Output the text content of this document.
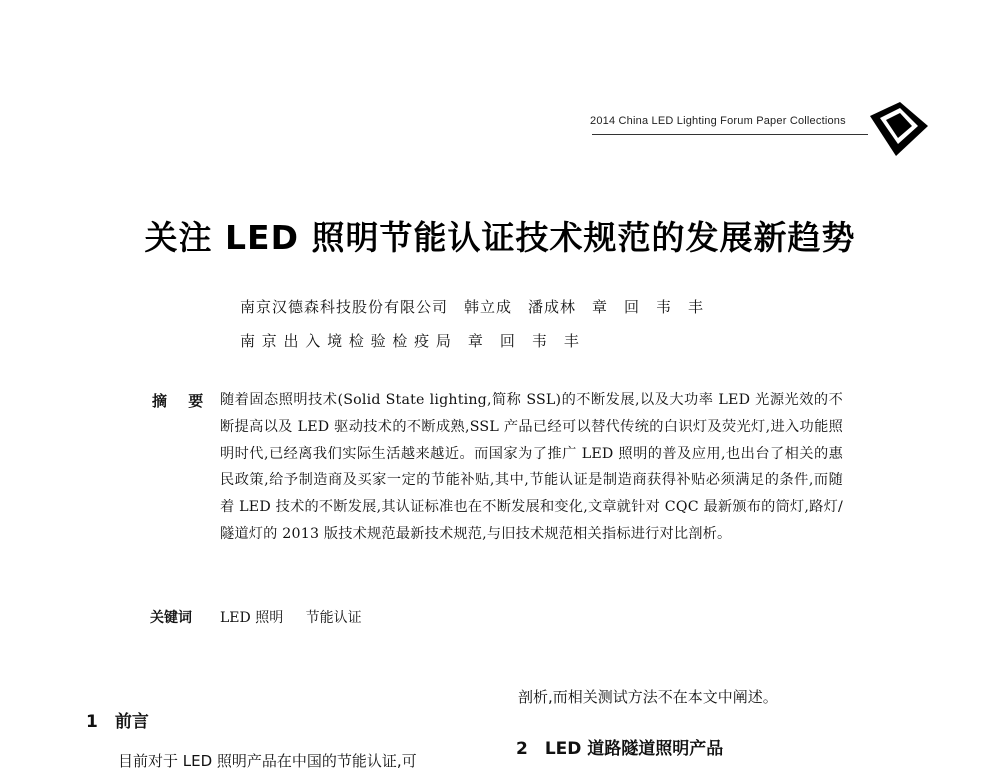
2014 China LED Lighting Forum Paper Collections
关注 LED 照明节能认证技术规范的发展新趋势
南京汉德森科技股份有限公司　韩立成　潘成林　章　回　韦　丰
南 京 出 入 境 检 验 检 疫 局　章　回　韦　丰
摘 要 随着固态照明技术(Solid State lighting,简称 SSL)的不断发展,以及大功率 LED 光源光效的不断提高以及 LED 驱动技术的不断成熟,SSL 产品已经可以替代传统的白识灯及荧光灯,进入功能照明时代,已经离我们实际生活越来越近。而国家为了推广 LED 照明的普及应用,也出台了相关的惠民政策,给予制造商及买家一定的节能补贴,其中,节能认证是制造商获得补贴必须满足的条件,而随着 LED 技术的不断发展,其认证标准也在不断发展和变化,文章就针对 CQC 最新颁布的筒灯,路灯/隧道灯的 2013 版技术规范最新技术规范,与旧技术规范相关指标进行对比剖析。
关键词 LED 照明 节能认证
1　前言
目前对于 LED 照明产品在中国的节能认证,可
剖析,而相关测试方法不在本文中阐述。
2　LED 道路隧道照明产品
